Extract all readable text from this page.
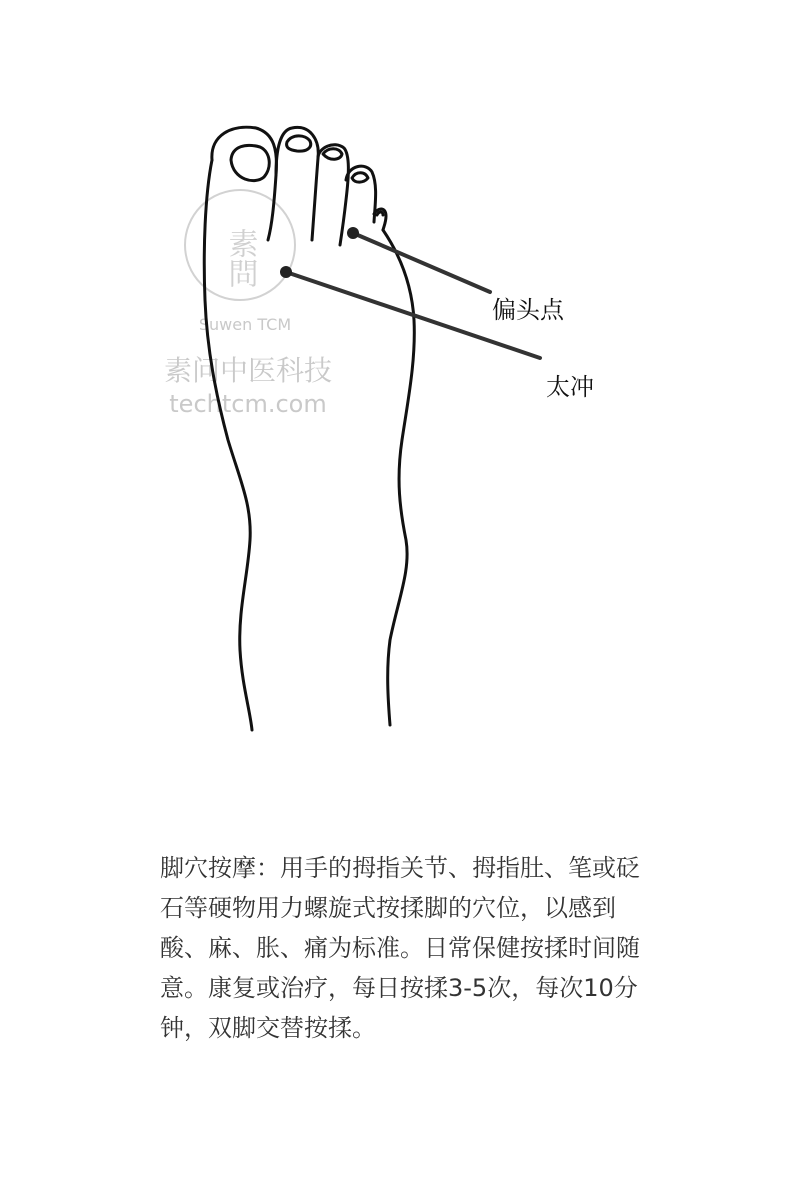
素問
Suwen TCM
素问中医科技
techtcm.com
偏头点
太冲

脚穴按摩：用手的拇指关节、拇指肚、笔或砭石等硬物用力螺旋式按揉脚的穴位，以感到酸、麻、胀、痛为标准。日常保健按揉时间随意。康复或治疗，每日按揉3-5次，每次10分钟，双脚交替按揉。
